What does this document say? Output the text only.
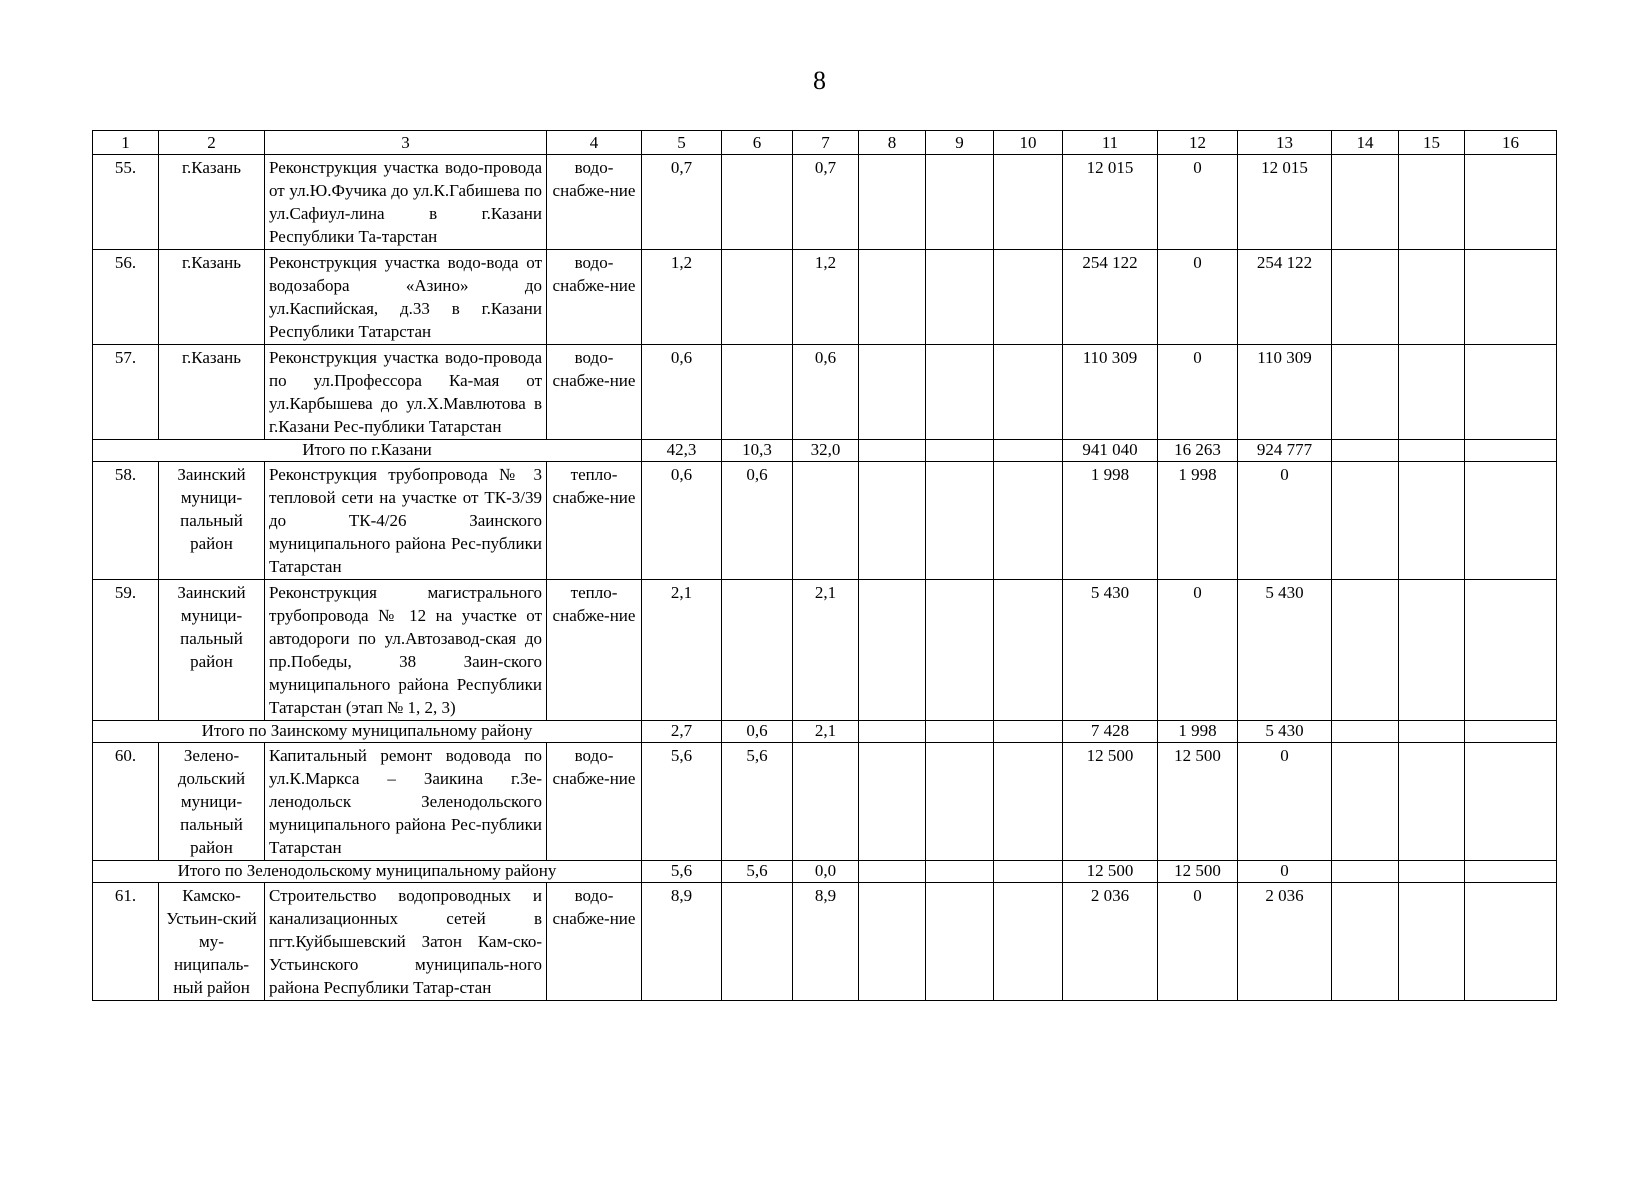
8
1	2	3	4	5	6	7	8	9	10	11	12	13	14	15	16
55.	г.Казань	Реконструкция участка водо-провода от ул.Ю.Фучика до ул.К.Габишева по ул.Сафиул-лина в г.Казани Республики Та-тарстан	водо-снабже-ние	0,7		0,7				12 015	0	12 015			
56.	г.Казань	Реконструкция участка водо-вода от водозабора «Азино» до ул.Каспийская, д.33 в г.Казани Республики Татарстан	водо-снабже-ние	1,2		1,2				254 122	0	254 122			
57.	г.Казань	Реконструкция участка водо-провода по ул.Профессора Ка-мая от ул.Карбышева до ул.Х.Мавлютова в г.Казани Рес-публики Татарстан	водо-снабже-ние	0,6		0,6				110 309	0	110 309			
Итого по г.Казани				42,3	10,3	32,0				941 040	16 263	924 777			
58.	Заинский муници-пальный район	Реконструкция трубопровода № 3 тепловой сети на участке от ТК-3/39 до ТК-4/26 Заинского муниципального района Рес-публики Татарстан	тепло-снабже-ние	0,6	0,6					1 998	1 998	0			
59.	Заинский муници-пальный район	Реконструкция магистрального трубопровода № 12 на участке от автодороги по ул.Автозавод-ская до пр.Победы, 38 Заин-ского муниципального района Республики Татарстан (этап № 1, 2, 3)	тепло-снабже-ние	2,1		2,1				5 430	0	5 430			
Итого по Заинскому муниципальному району				2,7	0,6	2,1				7 428	1 998	5 430			
60.	Зелено-дольский муници-пальный район	Капитальный ремонт водовода по ул.К.Маркса – Заикина г.Зе-ленодольск Зеленодольского муниципального района Рес-публики Татарстан	водо-снабже-ние	5,6	5,6					12 500	12 500	0			
Итого по Зеленодольскому муниципальному району				5,6	5,6	0,0				12 500	12 500	0			
61.	Камско-Устьин-ский му-ниципаль-ный район	Строительство водопроводных и канализационных сетей в пгт.Куйбышевский Затон Кам-ско-Устьинского муниципаль-ного района Республики Татар-стан	водо-снабже-ние	8,9		8,9				2 036	0	2 036			
